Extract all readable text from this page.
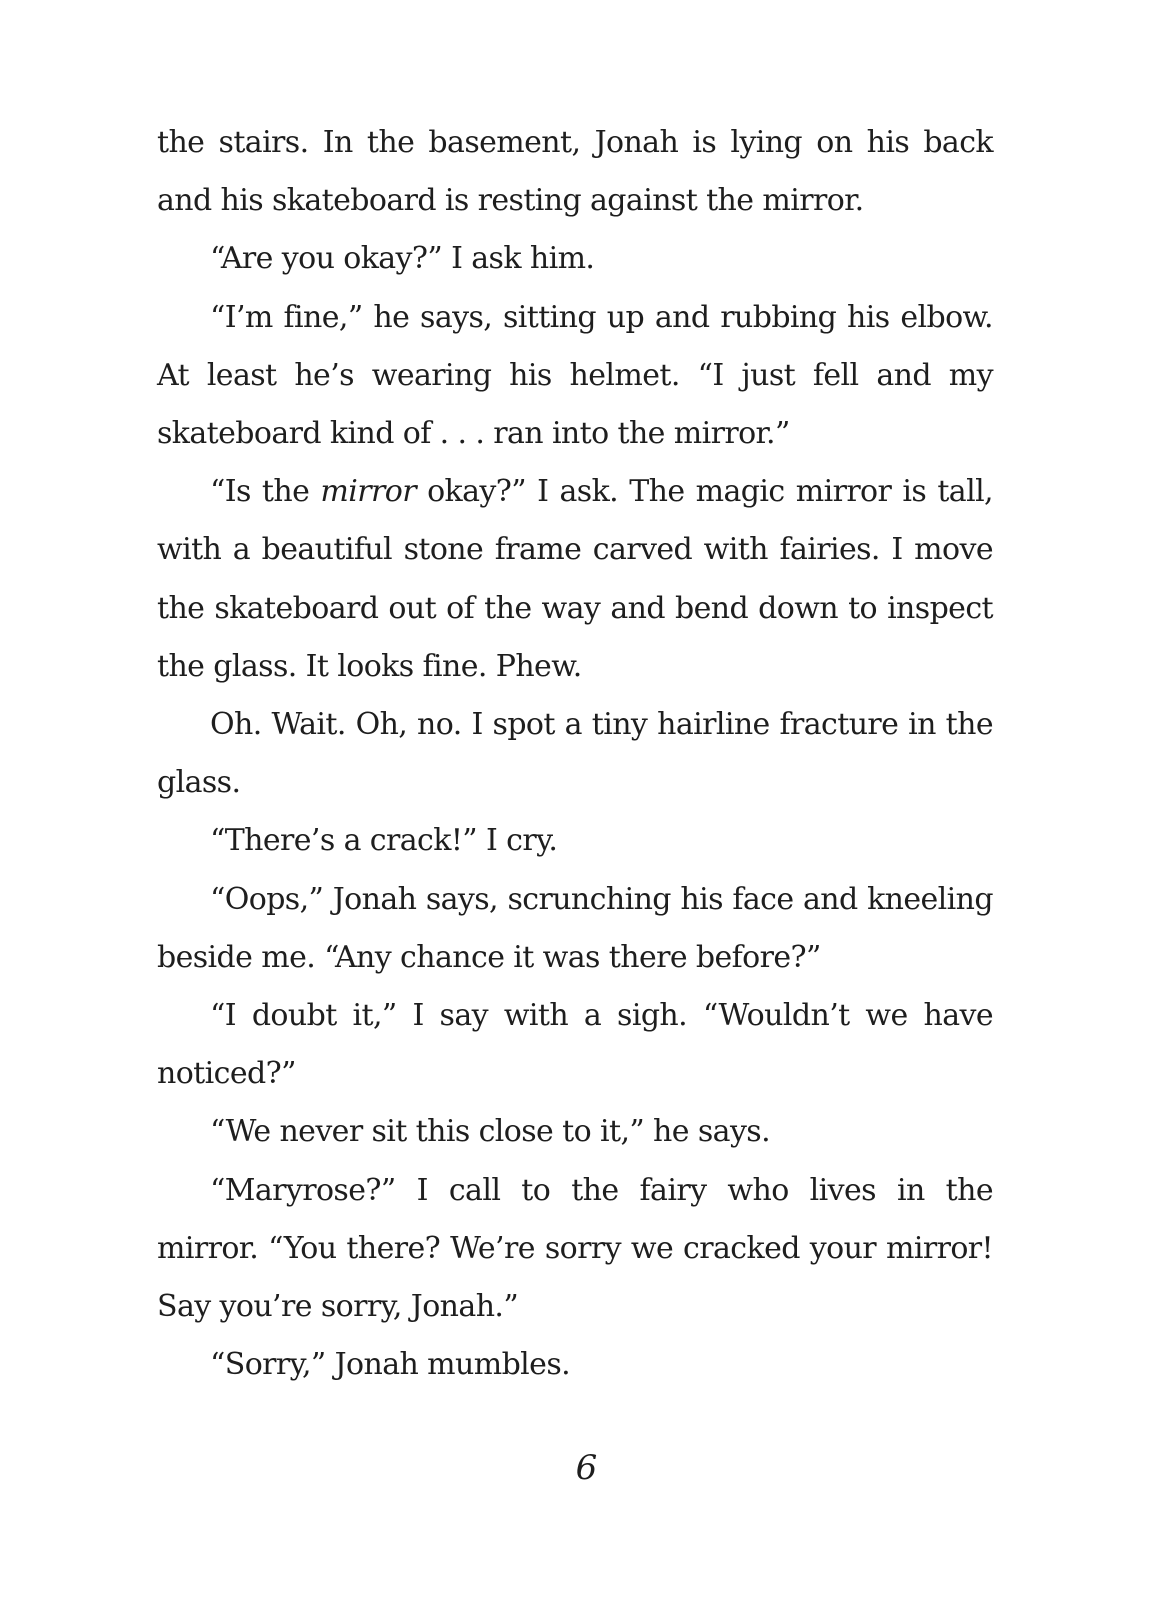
the stairs. In the basement, Jonah is lying on his back and his skateboard is resting against the mirror.

“Are you okay?” I ask him.

“I’m fine,” he says, sitting up and rubbing his elbow. At least he’s wearing his helmet. “I just fell and my skateboard kind of . . . ran into the mirror.”

“Is the mirror okay?” I ask. The magic mirror is tall, with a beautiful stone frame carved with fairies. I move the skateboard out of the way and bend down to inspect the glass. It looks fine. Phew.

Oh. Wait. Oh, no. I spot a tiny hairline fracture in the glass.

“There’s a crack!” I cry.

“Oops,” Jonah says, scrunching his face and kneeling beside me. “Any chance it was there before?”

“I doubt it,” I say with a sigh. “Wouldn’t we have noticed?”

“We never sit this close to it,” he says.

“Maryrose?” I call to the fairy who lives in the mirror. “You there? We’re sorry we cracked your mirror! Say you’re sorry, Jonah.”

“Sorry,” Jonah mumbles.

6
